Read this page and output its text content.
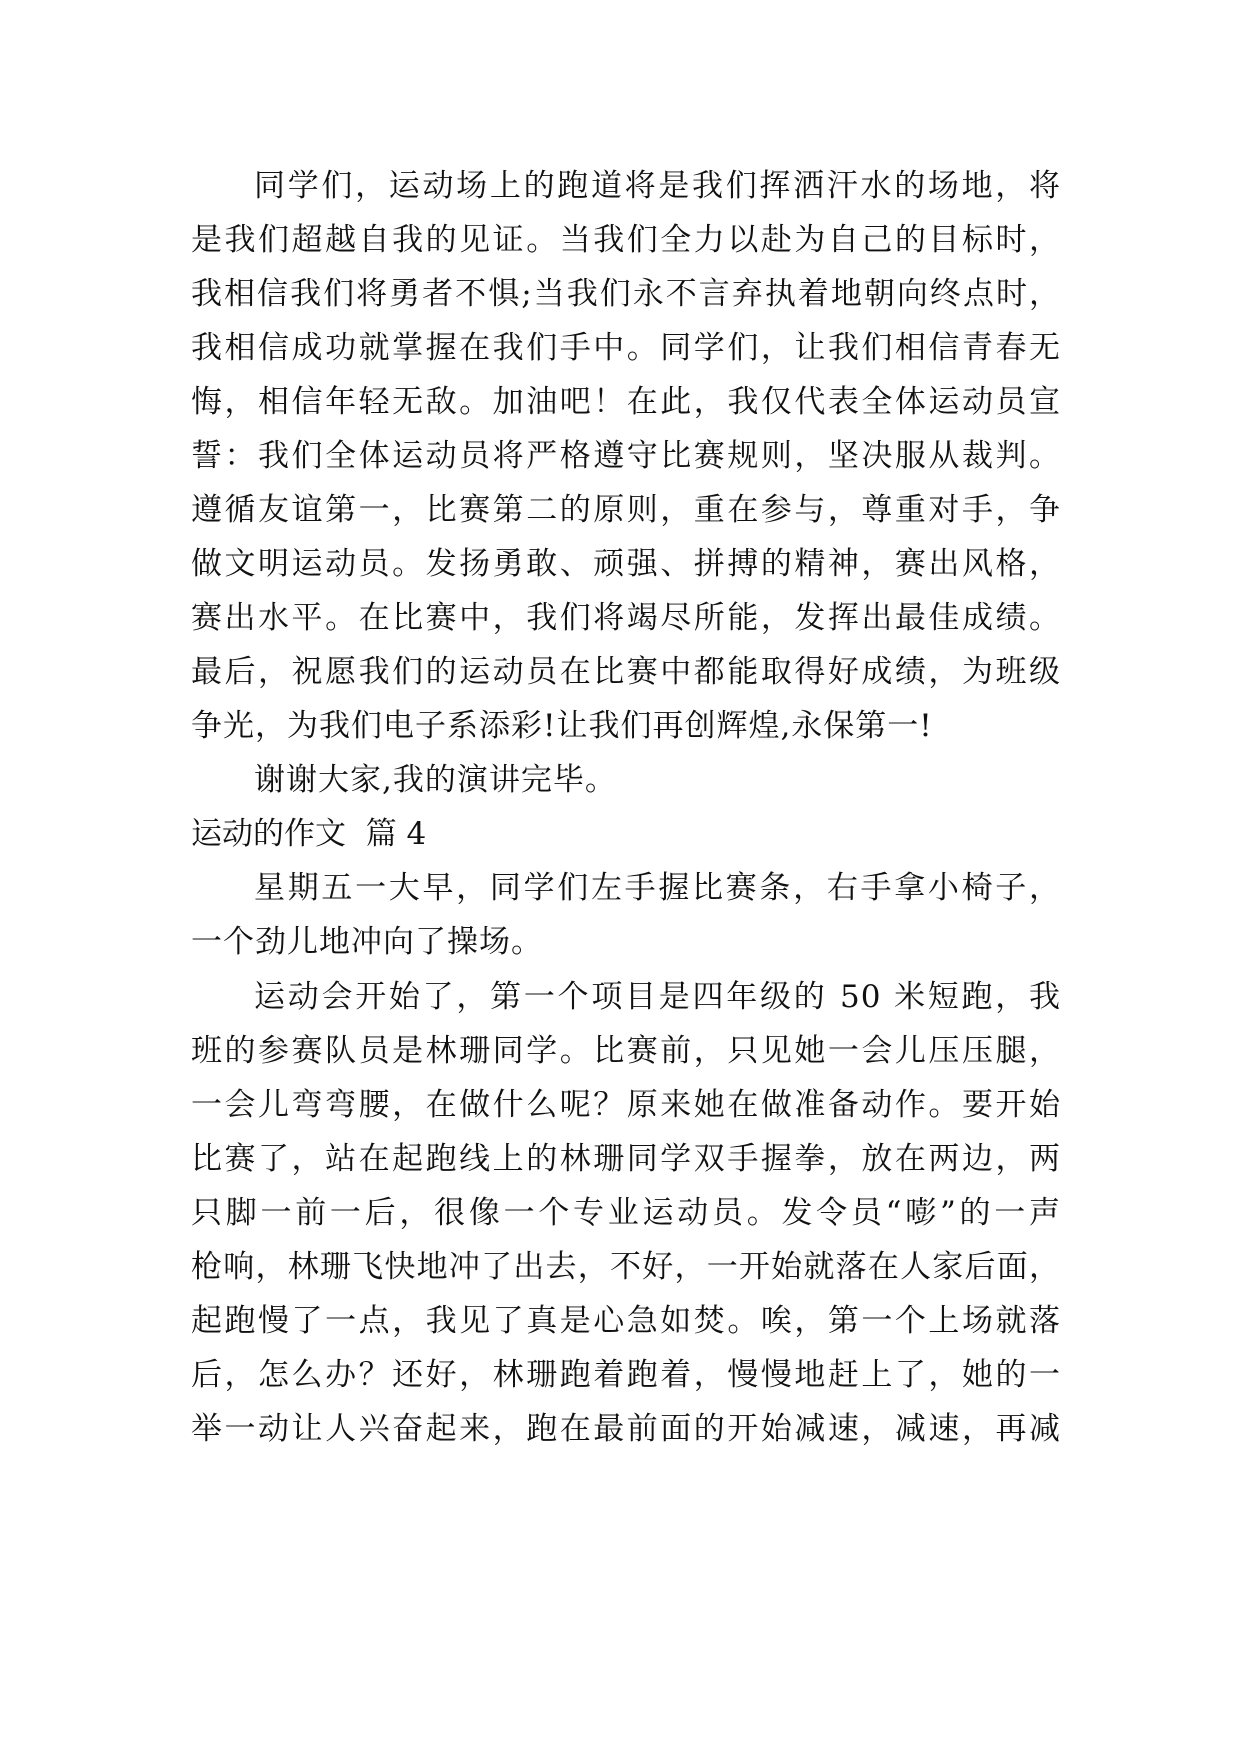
同学们，运动场上的跑道将是我们挥洒汗水的场地，将
是我们超越自我的见证。当我们全力以赴为自己的目标时，
我相信我们将勇者不惧;当我们永不言弃执着地朝向终点时，
我相信成功就掌握在我们手中。同学们，让我们相信青春无
悔，相信年轻无敌。加油吧！在此，我仅代表全体运动员宣
誓：我们全体运动员将严格遵守比赛规则，坚决服从裁判。
遵循友谊第一，比赛第二的原则，重在参与，尊重对手，争
做文明运动员。发扬勇敢、顽强、拼搏的精神，赛出风格，
赛出水平。在比赛中，我们将竭尽所能，发挥出最佳成绩。
最后，祝愿我们的运动员在比赛中都能取得好成绩，为班级
争光，为我们电子系添彩!让我们再创辉煌,永保第一!
谢谢大家,我的演讲完毕。
运动的作文  篇 4
星期五一大早，同学们左手握比赛条，右手拿小椅子，
一个劲儿地冲向了操场。
运动会开始了，第一个项目是四年级的 50 米短跑，我
班的参赛队员是林珊同学。比赛前，只见她一会儿压压腿，
一会儿弯弯腰，在做什么呢？原来她在做准备动作。要开始
比赛了，站在起跑线上的林珊同学双手握拳，放在两边，两
只脚一前一后，很像一个专业运动员。发令员“嘭”的一声
枪响，林珊飞快地冲了出去，不好，一开始就落在人家后面，
起跑慢了一点，我见了真是心急如焚。唉，第一个上场就落
后，怎么办？还好，林珊跑着跑着，慢慢地赶上了，她的一
举一动让人兴奋起来，跑在最前面的开始减速，减速，再减
